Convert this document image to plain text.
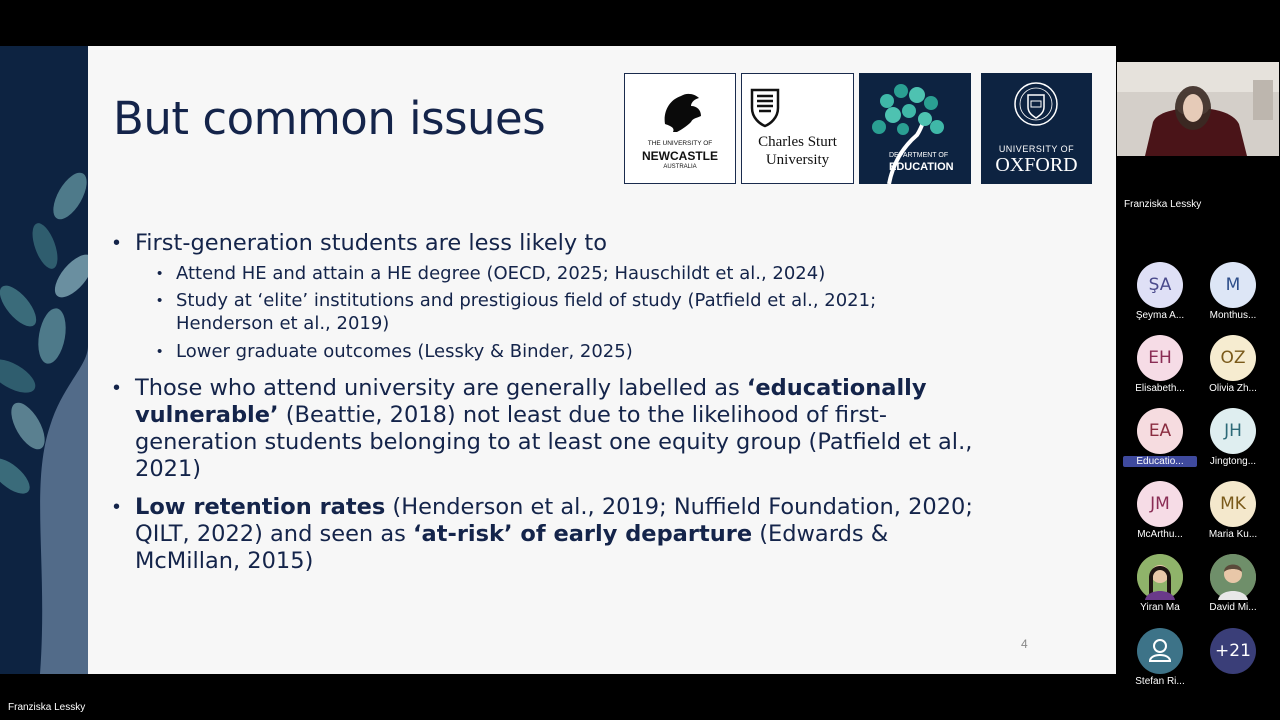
But common issues	THE UNIVERSITY OF
NEWCASTLE
AUSTRALIA
Charles Sturt
University	DEPARTMENT OF
EDUCATION
UNIVERSITY OF
OXFORD
• First-generation students are less likely to
• Attend HE and attain a HE degree (OECD, 2025; Hauschildt et al., 2024)
• Study at ‘elite’ institutions and prestigious field of study (Patfield et al., 2021;
Henderson et al., 2019)
• Lower graduate outcomes (Lessky & Binder, 2025)
• Those who attend university are generally labelled as ‘educationally
vulnerable’ (Beattie, 2018) not least due to the likelihood of first-
generation students belonging to at least one equity group (Patfield et al.,
2021)
• Low retention rates (Henderson et al., 2019; Nuffield Foundation, 2020;
QILT, 2022) and seen as ‘at-risk’ of early departure (Edwards &
McMillan, 2015)
4
Franziska Lessky
Franziska Lessky
ŞA
Şeyma A...
M
Monthus...
EH
Elisabeth...
OZ
Olivia Zh...
EA
Educatio...
JH
Jingtong...
JM
McArthu...
MK
Maria Ku...
Yiran Ma	David Mi...
Stefan Ri...
+21
